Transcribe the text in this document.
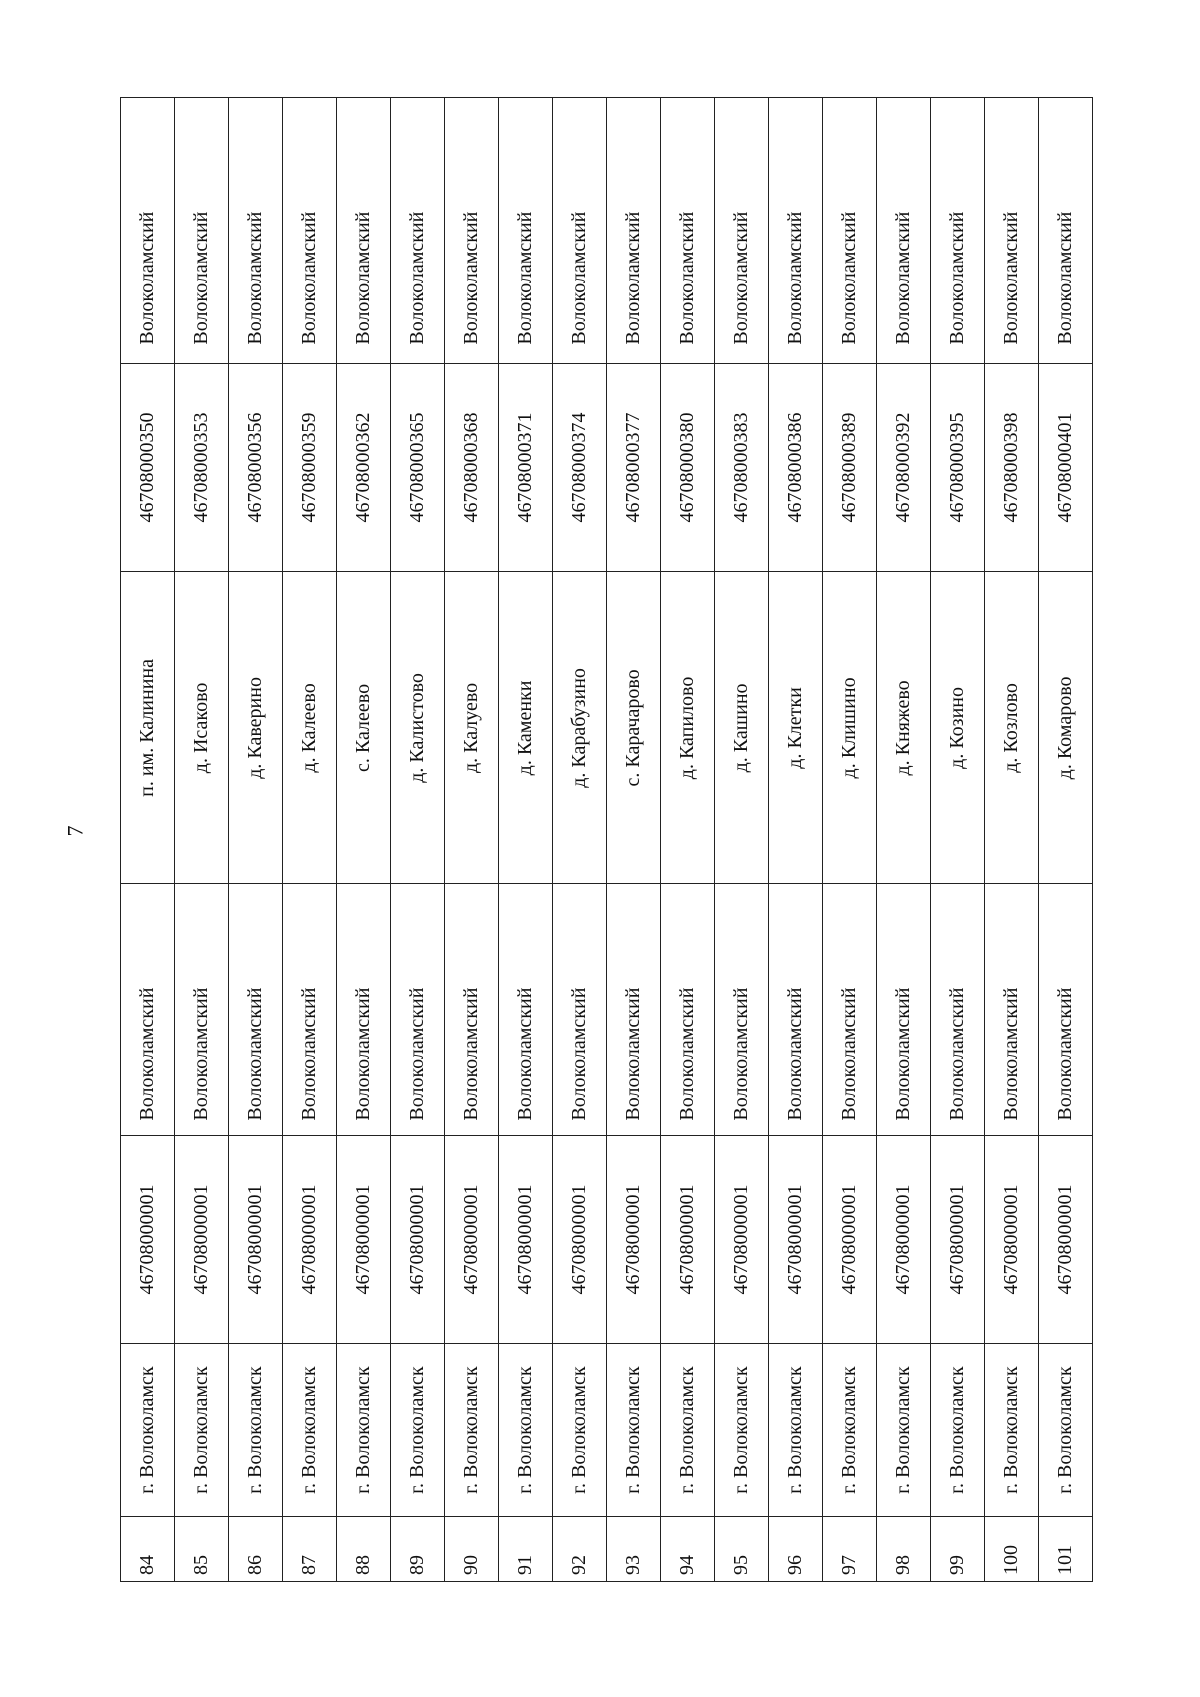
7
84	г. Волоколамск	46708000001	Волоколамский	п. им. Калинина	46708000350	Волоколамский
85	г. Волоколамск	46708000001	Волоколамский	д. Исаково	46708000353	Волоколамский
86	г. Волоколамск	46708000001	Волоколамский	д. Каверино	46708000356	Волоколамский
87	г. Волоколамск	46708000001	Волоколамский	д. Калеево	46708000359	Волоколамский
88	г. Волоколамск	46708000001	Волоколамский	с. Калеево	46708000362	Волоколамский
89	г. Волоколамск	46708000001	Волоколамский	д. Калистово	46708000365	Волоколамский
90	г. Волоколамск	46708000001	Волоколамский	д. Калуево	46708000368	Волоколамский
91	г. Волоколамск	46708000001	Волоколамский	д. Каменки	46708000371	Волоколамский
92	г. Волоколамск	46708000001	Волоколамский	д. Карабузино	46708000374	Волоколамский
93	г. Волоколамск	46708000001	Волоколамский	с. Карачарово	46708000377	Волоколамский
94	г. Волоколамск	46708000001	Волоколамский	д. Капилово	46708000380	Волоколамский
95	г. Волоколамск	46708000001	Волоколамский	д. Кашино	46708000383	Волоколамский
96	г. Волоколамск	46708000001	Волоколамский	д. Клетки	46708000386	Волоколамский
97	г. Волоколамск	46708000001	Волоколамский	д. Клишино	46708000389	Волоколамский
98	г. Волоколамск	46708000001	Волоколамский	д. Княжево	46708000392	Волоколамский
99	г. Волоколамск	46708000001	Волоколамский	д. Козино	46708000395	Волоколамский
100	г. Волоколамск	46708000001	Волоколамский	д. Козлово	46708000398	Волоколамский
101	г. Волоколамск	46708000001	Волоколамский	д. Комарово	46708000401	Волоколамский
